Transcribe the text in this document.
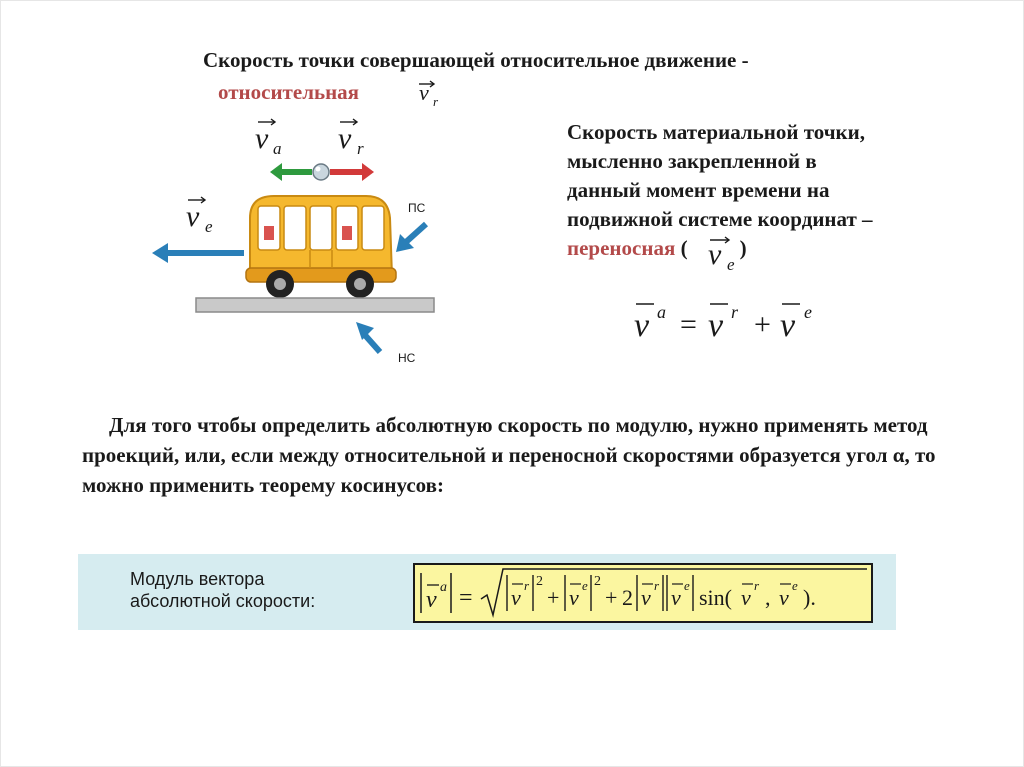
Скорость точки совершающей относительное движение -
относительная	v r
v a v r
v e
ПС
НС
Скорость материальной точки,
мысленно закрепленной в
данный момент времени на
подвижной системе координат –
переносная ( )
v e
v a = v r + v e
Для того чтобы определить абсолютную скорость по модулю, нужно применять метод проекций, или, если между относительной и переносной скоростями образуется угол α, то можно применить теорему косинусов:
Модуль вектора
абсолютной скорости:	v a = v r 2
+ v e 2
+ 2 v r v e sin( v r , v e ).
